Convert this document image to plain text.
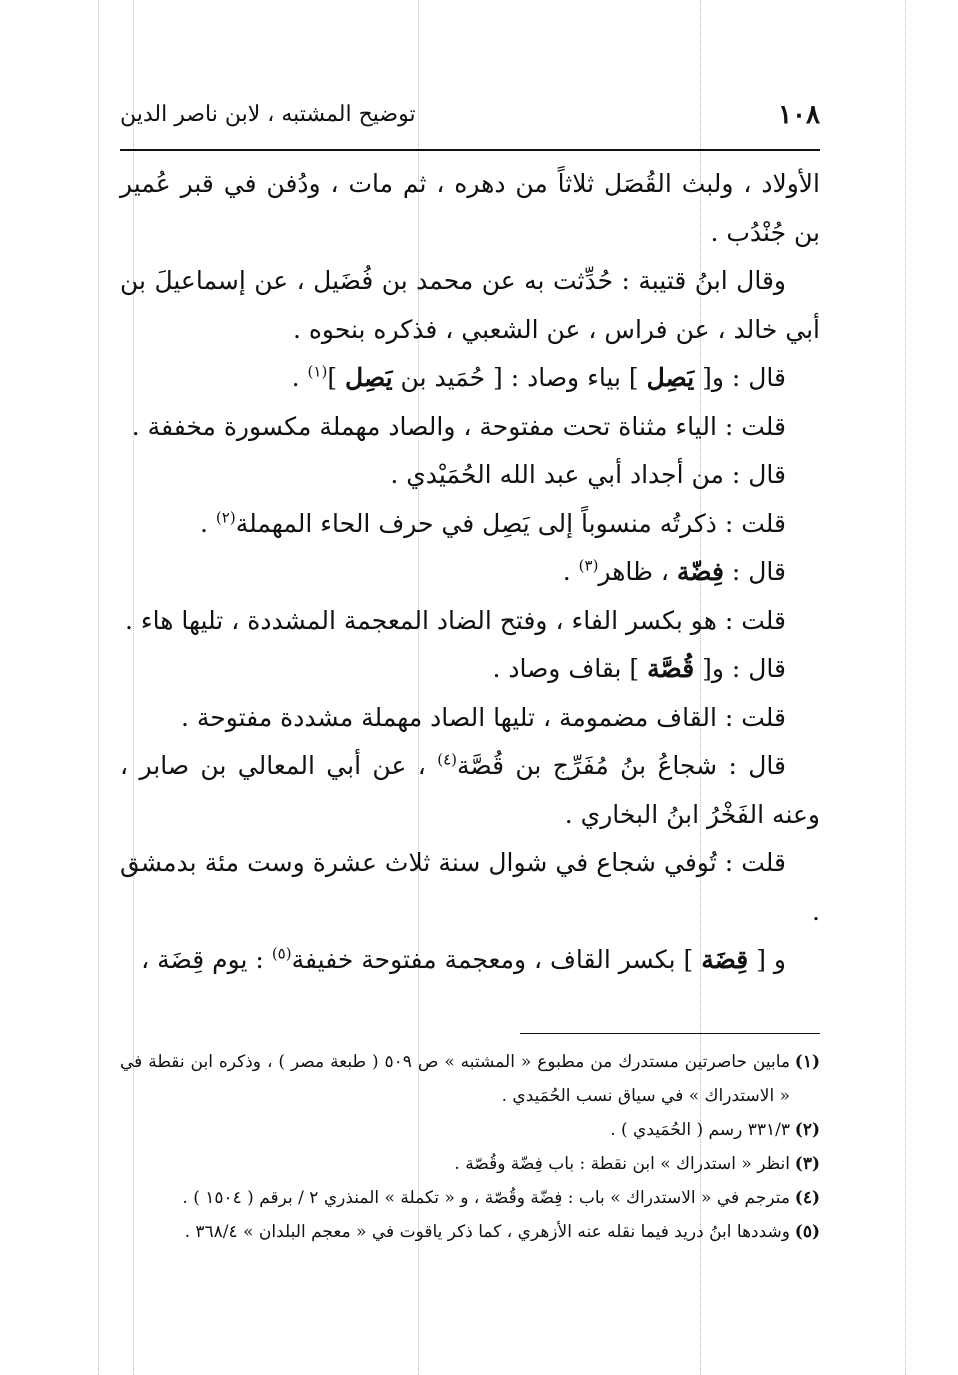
١٠٨
توضيح المشتبه ، لابن ناصر الدين

الأولاد ، ولبث القُصَل ثلاثاً من دهره ، ثم مات ، ودُفن في قبر عُمير بن جُنْدُب .

وقال ابنُ قتيبة : حُدِّثت به عن محمد بن فُضَيل ، عن إسماعيلَ بن أبي خالد ، عن فراس ، عن الشعبي ، فذكره بنحوه .

قال : و[ يَصِل ] بياء وصاد : [ حُمَيد بن يَصِل ]$^{(١)}$ .

قلت : الياء مثناة تحت مفتوحة ، والصاد مهملة مكسورة مخففة .

قال : من أجداد أبي عبد الله الحُمَيْدي .

قلت : ذكرتُه منسوباً إلى يَصِل في حرف الحاء المهملة$^{(٢)}$ .

قال : فِضّة ، ظاهر$^{(٣)}$ .

قلت : هو بكسر الفاء ، وفتح الضاد المعجمة المشددة ، تليها هاء .

قال : و[ قُصَّة ] بقاف وصاد .

قلت : القاف مضمومة ، تليها الصاد مهملة مشددة مفتوحة .

قال : شجاعُ بنُ مُفَرِّج بن قُصَّة$^{(٤)}$ ، عن أبي المعالي بن صابر ، وعنه الفَخْرُ ابنُ البخاري .

قلت : تُوفي شجاع في شوال سنة ثلاث عشرة وست مئة بدمشق .

و [ قِضَة ] بكسر القاف ، ومعجمة مفتوحة خفيفة$^{(٥)}$ : يوم قِضَة ،

(١)
مابين حاصرتين مستدرك من مطبوع « المشتبه » ص ٥٠٩ ( طبعة مصر ) ، وذكره ابن نقطة في « الاستدراك » في سياق نسب الحُمَيدي .
(٢)
٣٣١/٣ رسم ( الحُمَيدي ) .
(٣)
انظر « استدراك » ابن نقطة : باب فِضّة وقُصّة .
(٤)
مترجم في « الاستدراك » باب : فِضّة وقُصّة ، و « تكملة » المنذري ٢ / برقم ( ١٥٠٤ ) .
(٥)
وشددها ابنُ دريد فيما نقله عنه الأزهري ، كما ذكر ياقوت في « معجم البلدان » ٣٦٨/٤ .
